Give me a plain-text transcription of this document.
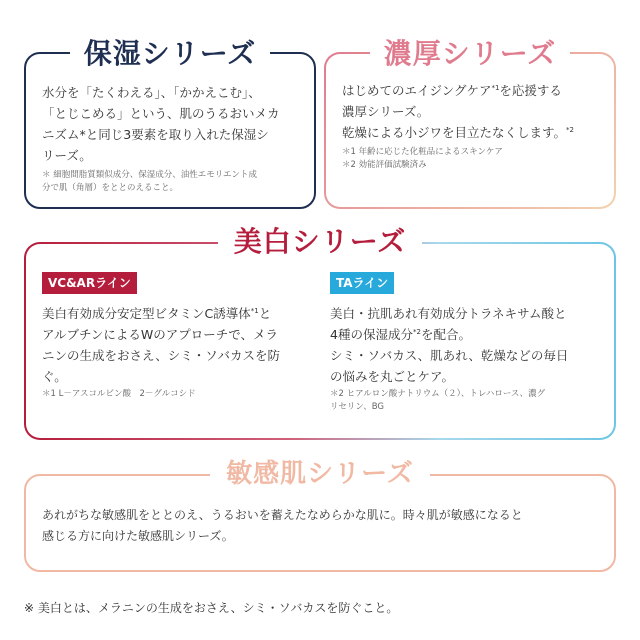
保湿シリーズ
水分を「たくわえる」、「かかえこむ」、
「とじこめる」という、肌のうるおいメカ
ニズム*と同じ3要素を取り入れた保湿シ
リーズ。
＊ 細胞間脂質類似成分、保湿成分、油性エモリエント成
分で肌（角層）をととのえること。
濃厚シリーズ
はじめてのエイジングケア$^{*1}$を応援する
濃厚シリーズ。
乾燥による小ジワを目立たなくします。$^{*2}$
＊1 年齢に応じた化粧品によるスキンケア
＊2 効能評価試験済み
美白シリーズ
VC&ARライン
美白有効成分安定型ビタミンC誘導体$^{*1}$と
アルブチンによるWのアプローチで、メラ
ニンの生成をおさえ、シミ・ソバカスを防
ぐ。
＊1 L－アスコルビン酸　2－グルコシド
TAライン
美白・抗肌あれ有効成分トラネキサム酸と
4種の保湿成分$^{*2}$を配合。
シミ・ソバカス、肌あれ、乾燥などの毎日
の悩みを丸ごとケア。
＊2 ヒアルロン酸ナトリウム（２）、トレハロース、濃グ
リセリン、BG
敏感肌シリーズ
あれがちな敏感肌をととのえ、うるおいを蓄えたなめらかな肌に。時々肌が敏感になると
感じる方に向けた敏感肌シリーズ。
※ 美白とは、メラニンの生成をおさえ、シミ・ソバカスを防ぐこと。
